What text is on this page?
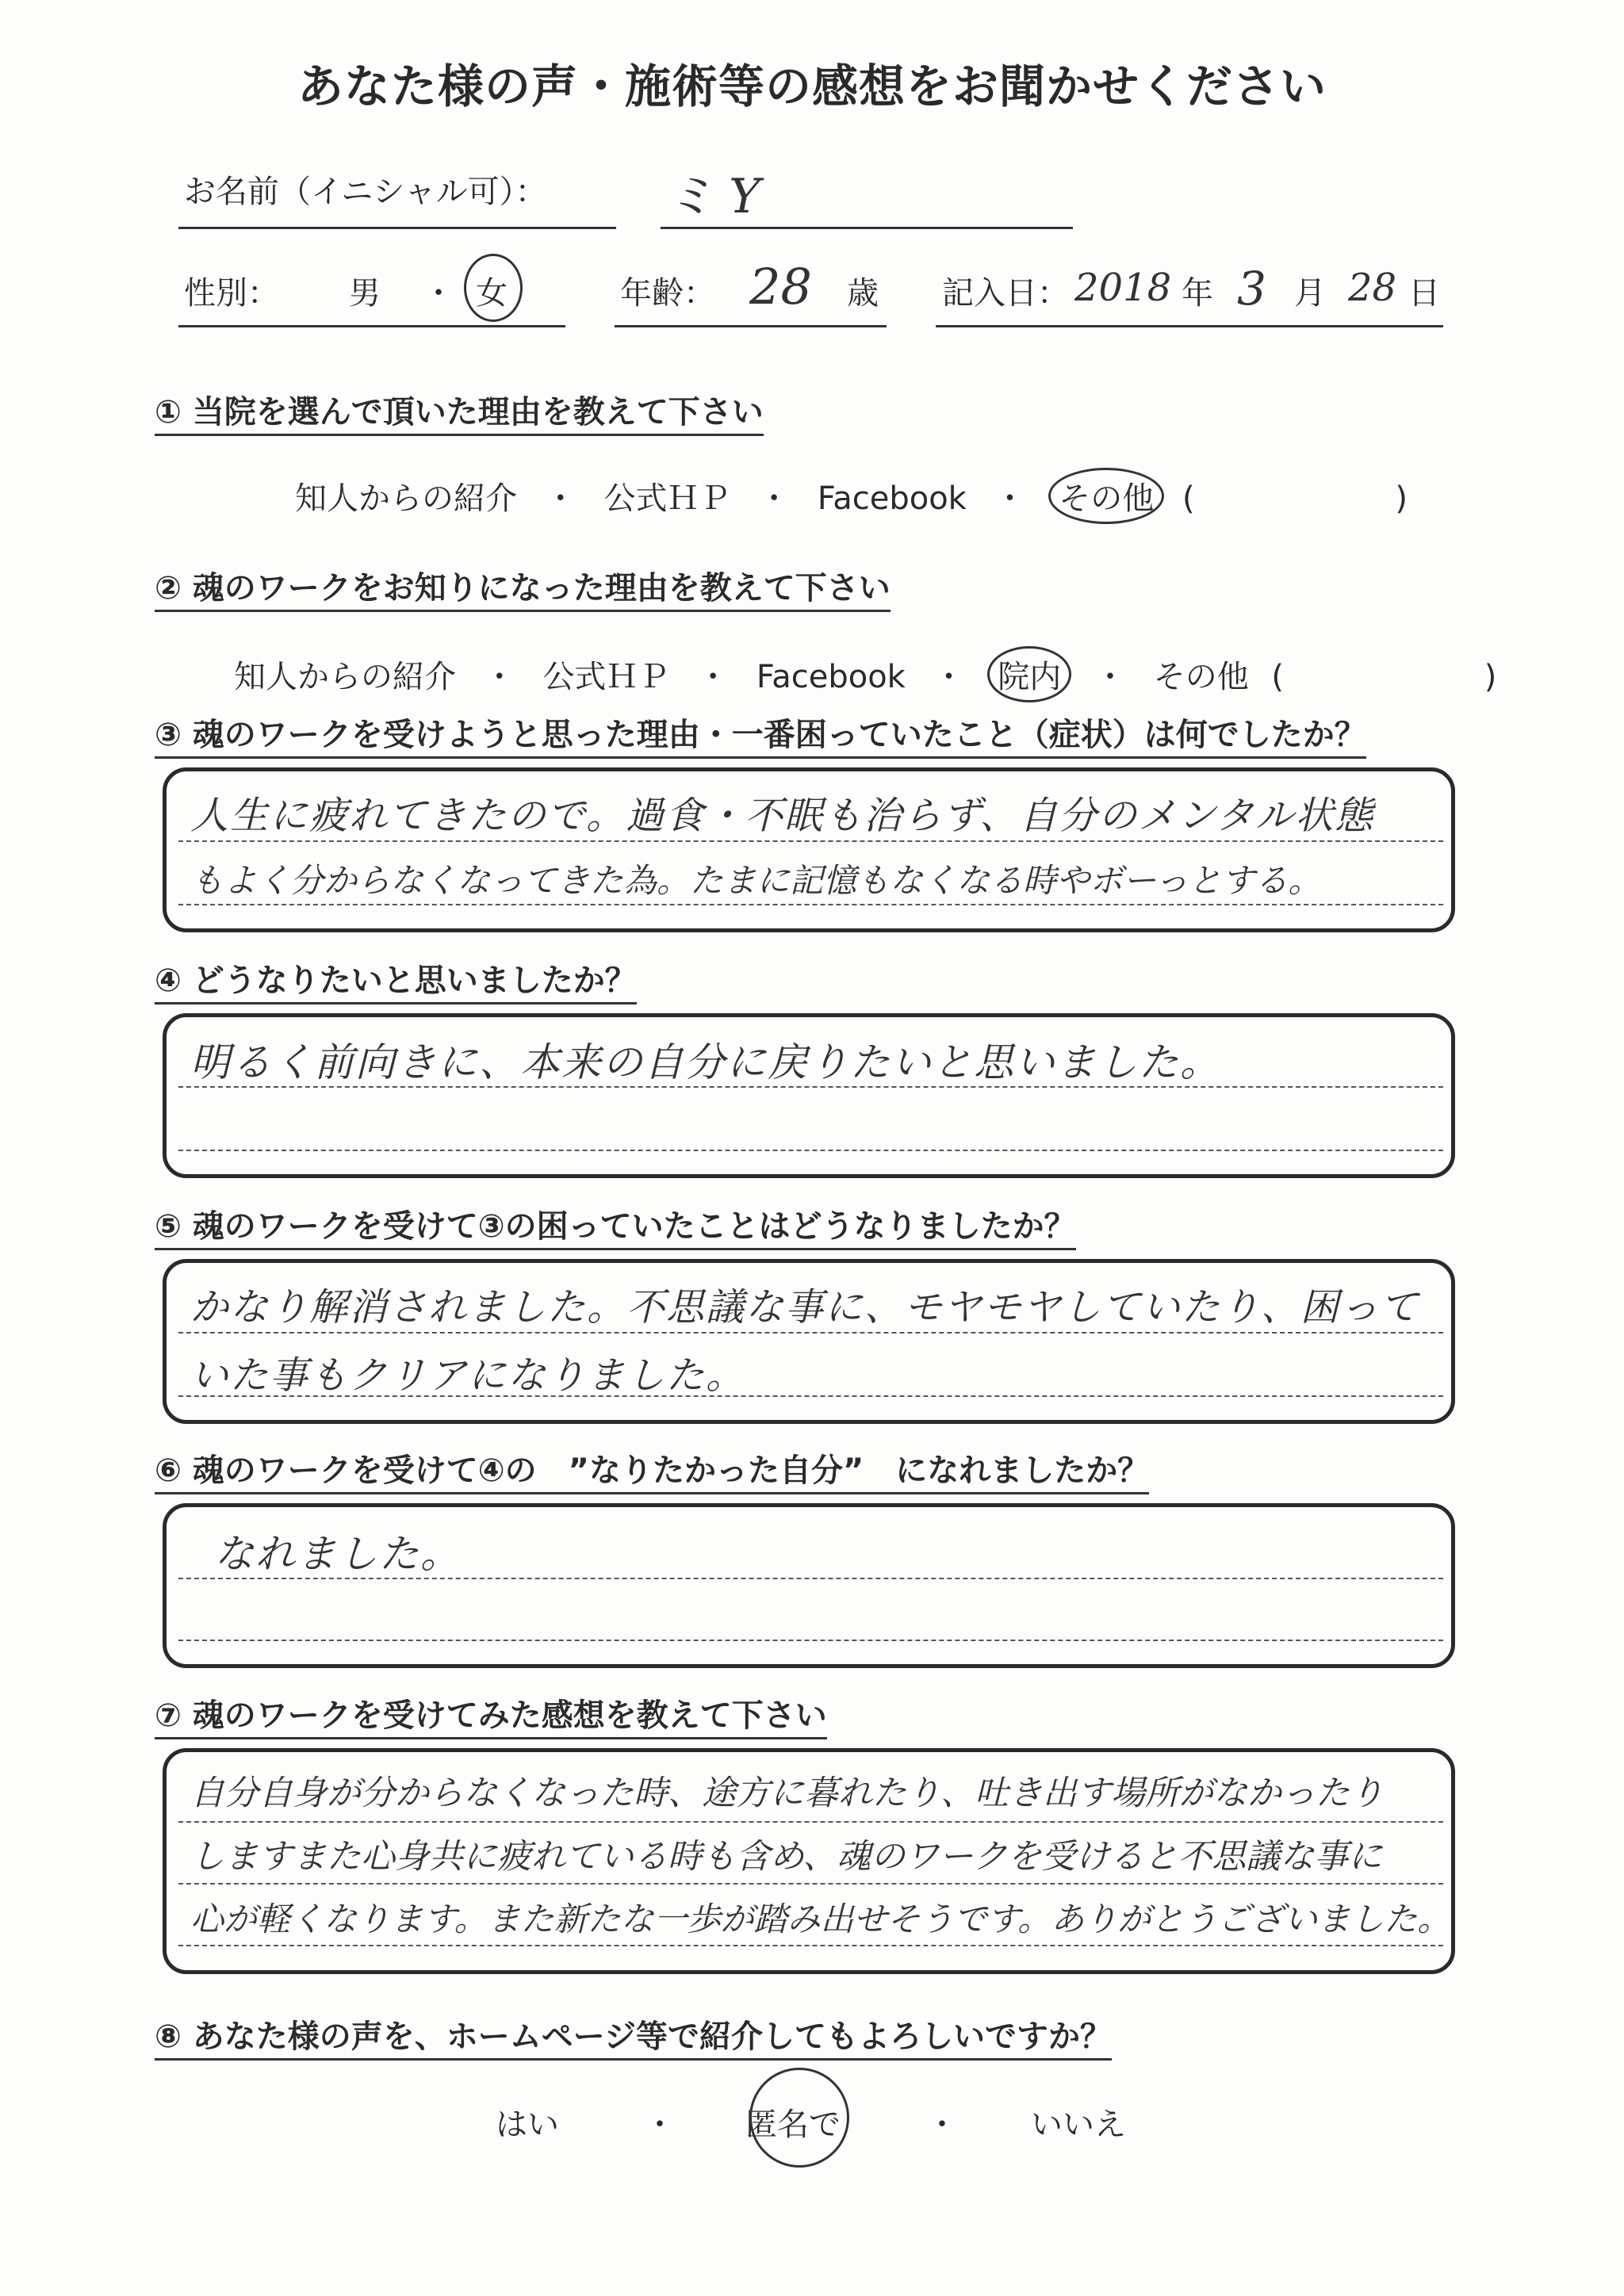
あなた様の声・施術等の感想をお聞かせください
お名前（イニシャル可）：	ミ Y
性別： 男 ・ 女	年齢： 28 歳 記入日： 2018 年 3 月 28 日
① 当院を選んで頂いた理由を教えて下さい
知人からの紹介 ・ 公式ＨＰ ・ Facebook ・ その他 (	)
② 魂のワークをお知りになった理由を教えて下さい
知人からの紹介 ・ 公式ＨＰ ・ Facebook ・ 院内 ・ その他 (	)
③ 魂のワークを受けようと思った理由・一番困っていたこと（症状）は何でしたか？
人生に疲れてきたので。過食・不眠も治らず、自分のメンタル状態
もよく分からなくなってきた為。たまに記憶もなくなる時やボーっとする。
④ どうなりたいと思いましたか？
明るく前向きに、本来の自分に戻りたいと思いました。
⑤ 魂のワークを受けて③の困っていたことはどうなりましたか？
かなり解消されました。不思議な事に、モヤモヤしていたり、困って
いた事もクリアになりました。
⑥ 魂のワークを受けて④の　”なりたかった自分”　になれましたか？
なれました。
⑦ 魂のワークを受けてみた感想を教えて下さい
自分自身が分からなくなった時、途方に暮れたり、吐き出す場所がなかったり
しますまた心身共に疲れている時も含め、魂のワークを受けると不思議な事に
心が軽くなります。また新たな一歩が踏み出せそうです。ありがとうございました。
⑧ あなた様の声を、ホームページ等で紹介してもよろしいですか？
はい	・ 匿名で	・ いいえ
